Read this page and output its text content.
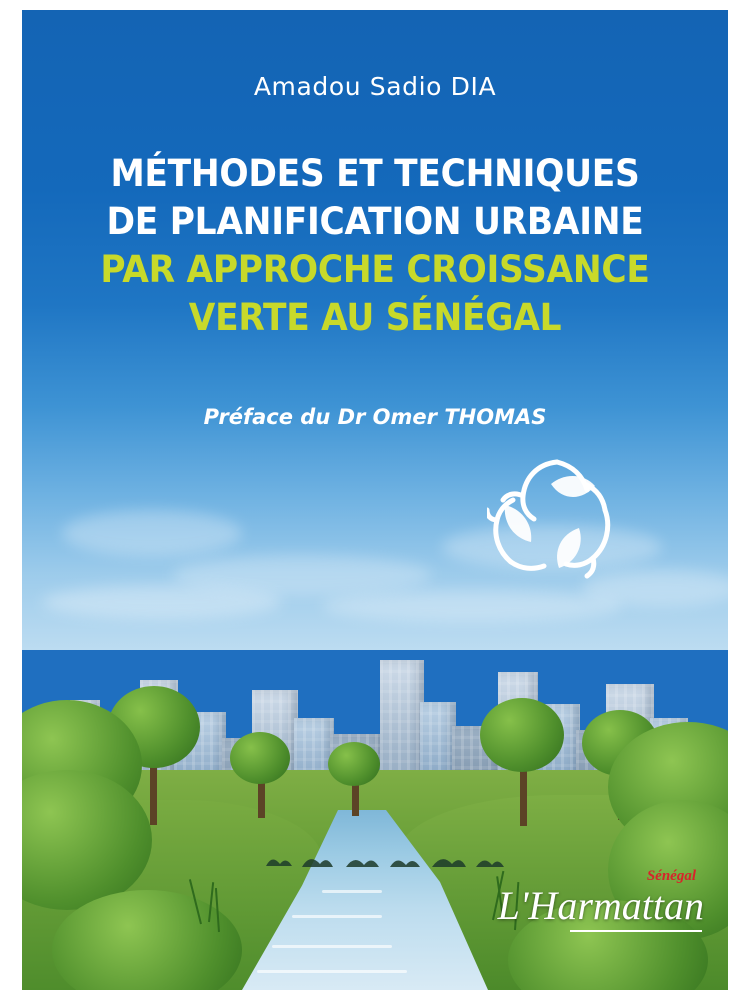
Amadou Sadio DIA
MÉTHODES ET TECHNIQUES
DE PLANIFICATION URBAINE
PAR APPROCHE CROISSANCE
VERTE AU SÉNÉGAL
Préface du Dr Omer THOMAS
Sénégal
L'Harmattan
